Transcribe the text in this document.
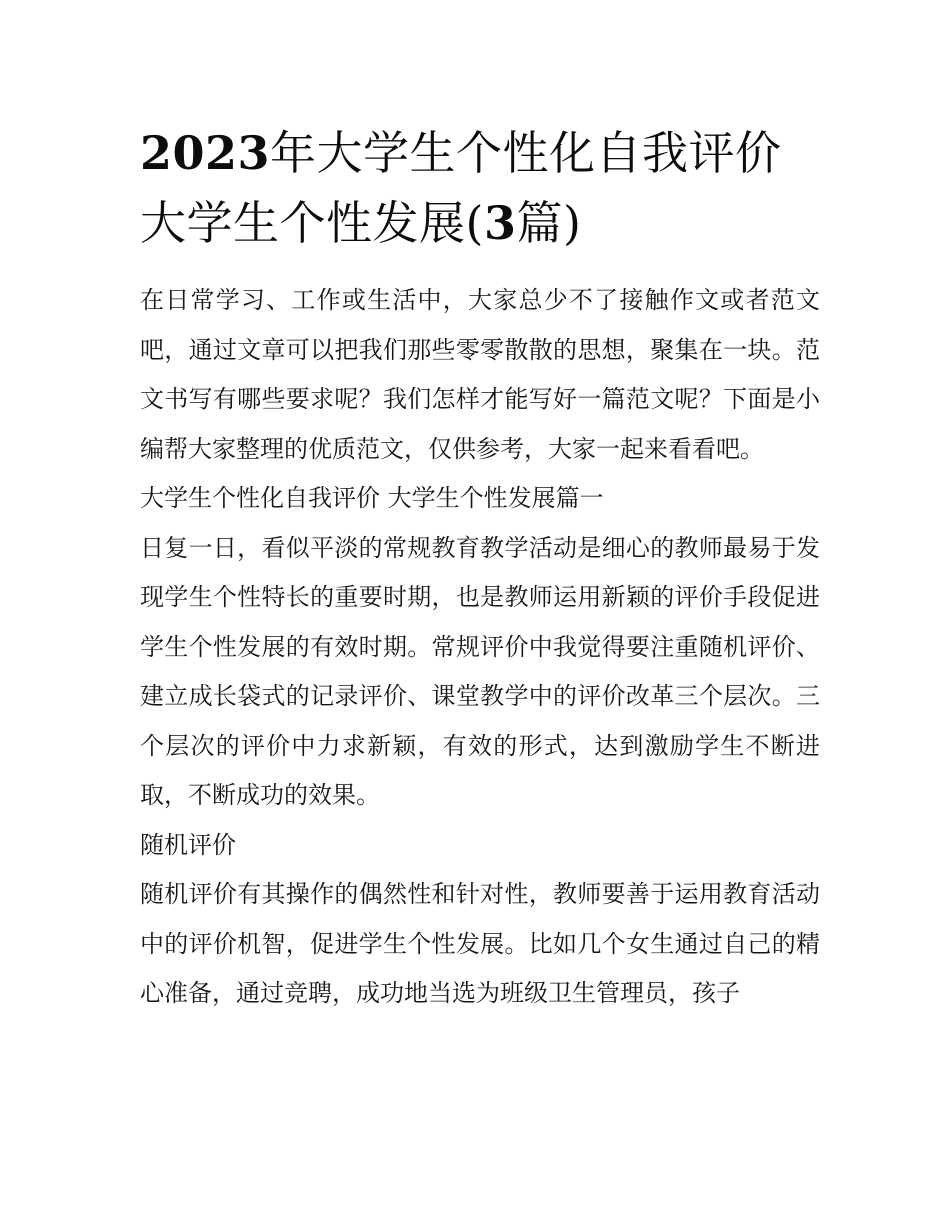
2023年大学生个性化自我评价
大学生个性发展(3篇)

在日常学习、工作或生活中，大家总少不了接触作文或者范文吧，通过文章可以把我们那些零零散散的思想，聚集在一块。范文书写有哪些要求呢？我们怎样才能写好一篇范文呢？下面是小编帮大家整理的优质范文，仅供参考，大家一起来看看吧。

大学生个性化自我评价 大学生个性发展篇一

日复一日，看似平淡的常规教育教学活动是细心的教师最易于发现学生个性特长的重要时期，也是教师运用新颖的评价手段促进学生个性发展的有效时期。常规评价中我觉得要注重随机评价、建立成长袋式的记录评价、课堂教学中的评价改革三个层次。三个层次的评价中力求新颖，有效的形式，达到激励学生不断进取，不断成功的效果。

随机评价

随机评价有其操作的偶然性和针对性，教师要善于运用教育活动中的评价机智，促进学生个性发展。比如几个女生通过自己的精心准备，通过竞聘，成功地当选为班级卫生管理员，孩子
